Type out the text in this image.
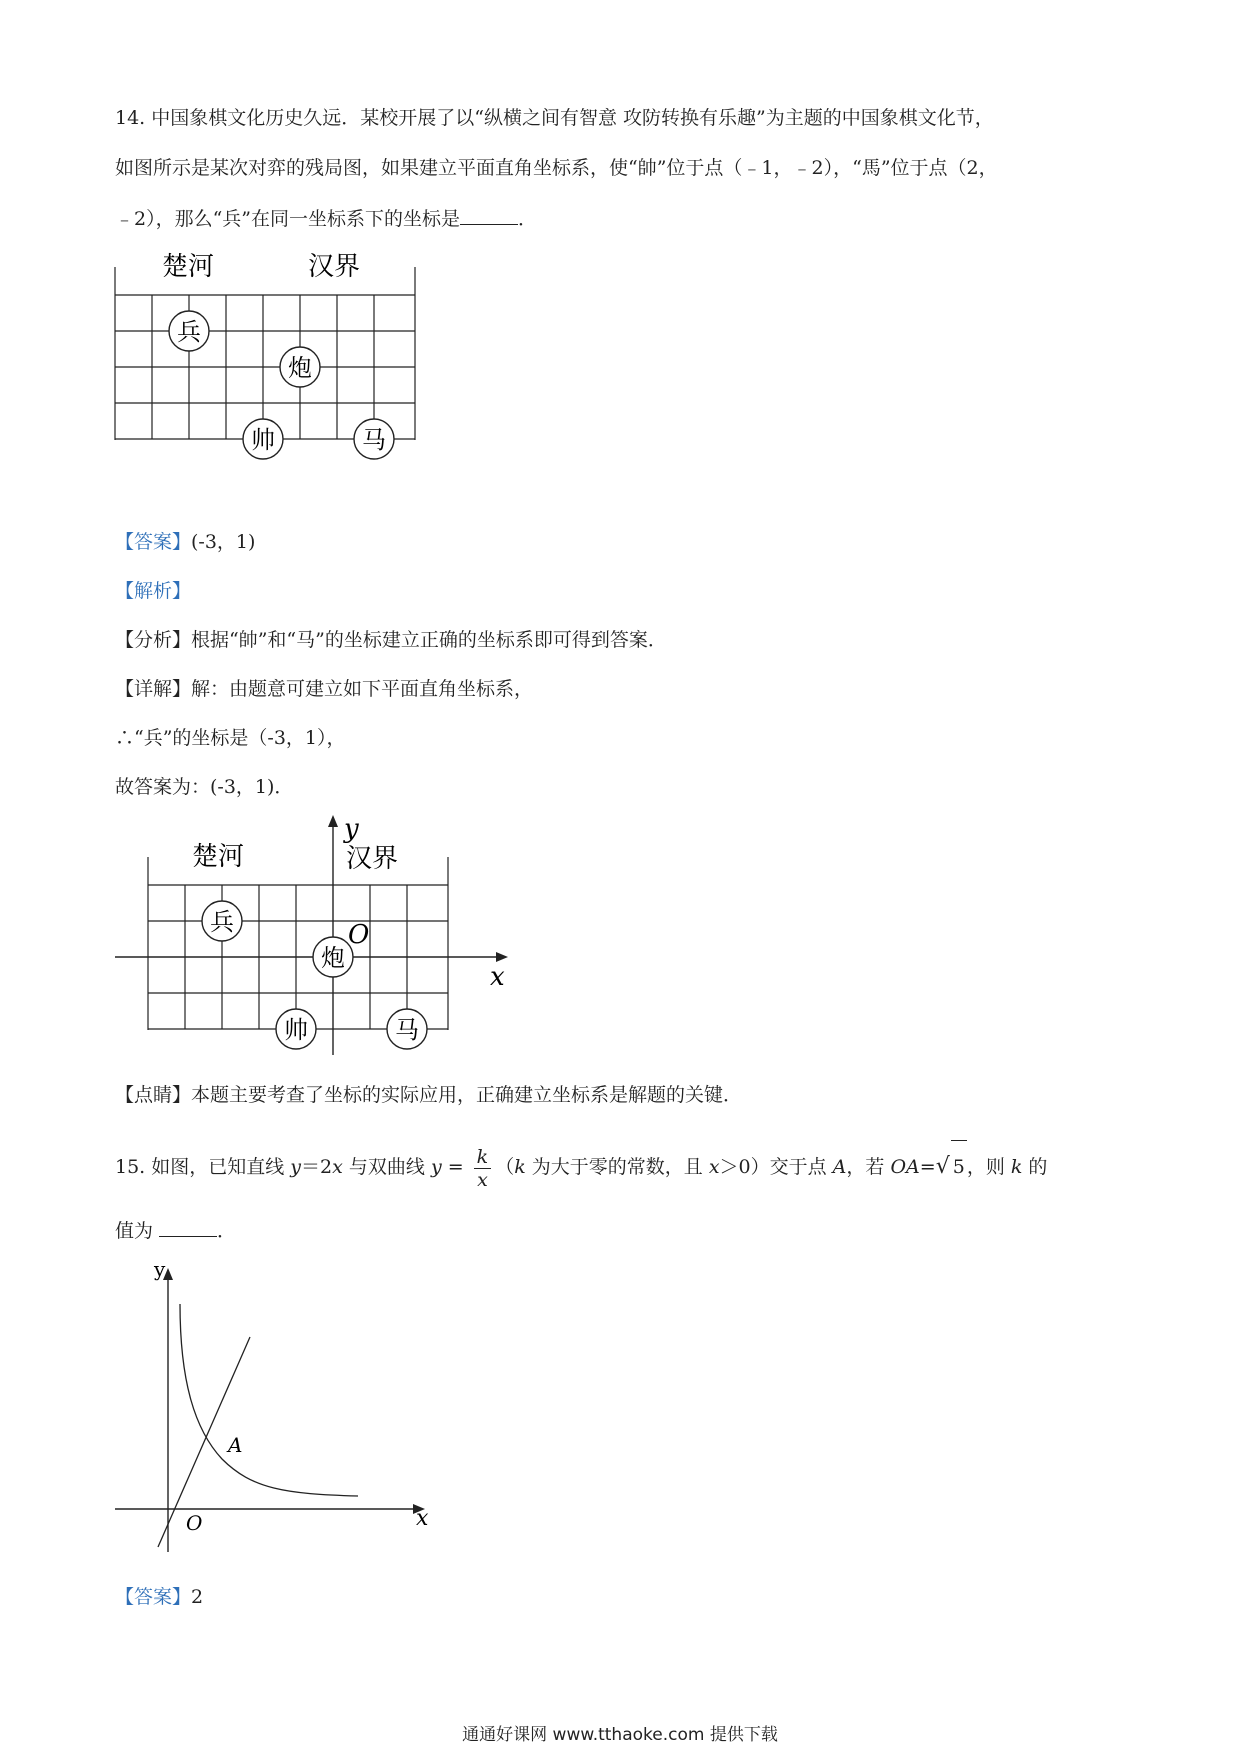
14. 中国象棋文化历史久远．某校开展了以“纵横之间有智意 攻防转换有乐趣”为主题的中国象棋文化节，
如图所示是某次对弈的残局图，如果建立平面直角坐标系，使“帥”位于点（﹣1，﹣2），“馬”位于点（2，
﹣2），那么“兵”在同一坐标系下的坐标是	．
楚河	汉界
兵
炮
帅	马
【答案】(-3，1)
【解析】
【分析】根据“帥”和“马”的坐标建立正确的坐标系即可得到答案．
【详解】解：由题意可建立如下平面直角坐标系，
∴“兵”的坐标是（-3，1），
故答案为：(-3，1)．
y
x
O
楚河	汉界
兵
炮
帅	马
【点睛】本题主要考查了坐标的实际应用，正确建立坐标系是解题的关键．
15. 如图，已知直线 y＝2x 与双曲线 $y = \frac{k}{x} (k$ 为大于零的常数，且 x＞0）交于点 A，若 OA=√ 5 ，则 k 的
值为	．
y
x
O
A
【答案】2
通通好课网 www.tthaoke.com 提供下载
